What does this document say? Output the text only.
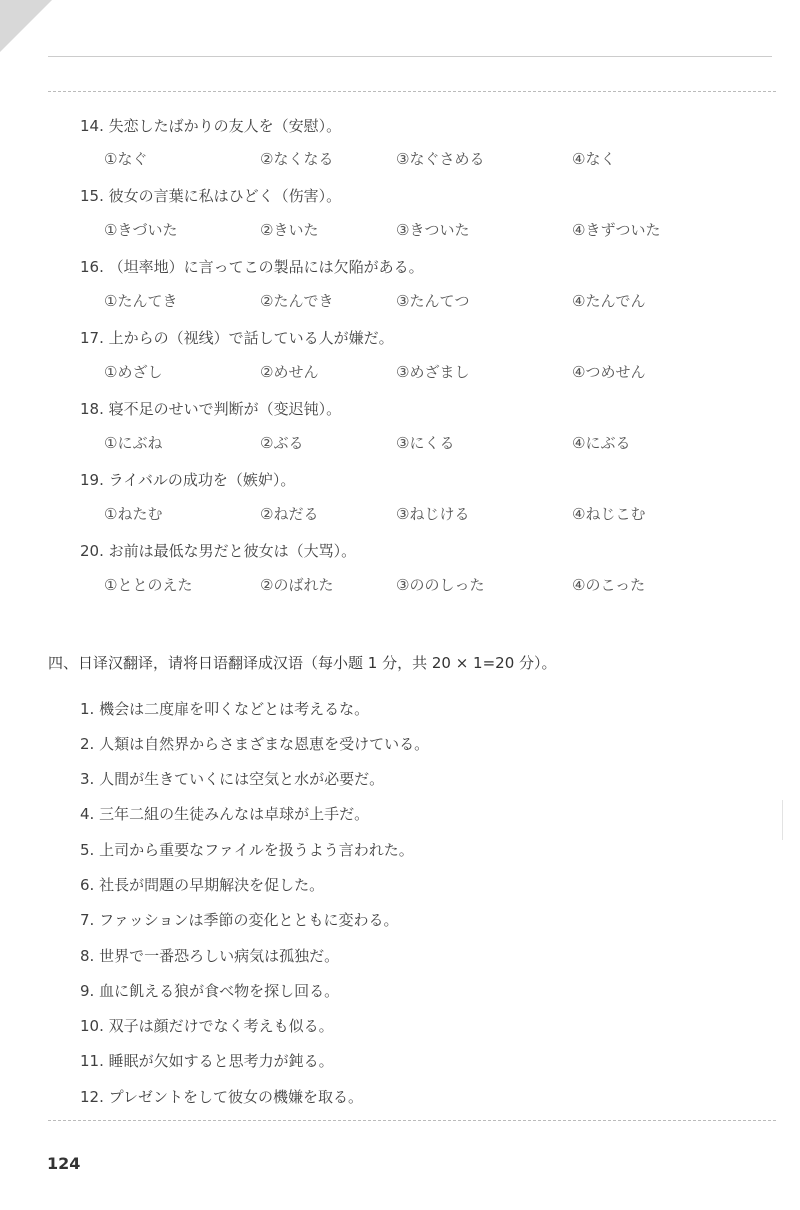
14. 失恋したばかりの友人を（安慰）。
①なぐ	②なくなる	③なぐさめる	④なく
15. 彼女の言葉に私はひどく（伤害）。
①きづいた	②きいた	③きついた	④きずついた
16. （坦率地）に言ってこの製品には欠陥がある。
①たんてき	②たんでき	③たんてつ	④たんでん
17. 上からの（视线）で話している人が嫌だ。
①めざし	②めせん	③めざまし	④つめせん
18. 寝不足のせいで判断が（变迟钝）。
①にぶね	②ぶる	③にくる	④にぶる
19. ライバルの成功を（嫉妒）。
①ねたむ	②ねだる	③ねじける	④ねじこむ
20. お前は最低な男だと彼女は（大骂）。
①ととのえた	②のばれた	③ののしった	④のこった
四、日译汉翻译，请将日语翻译成汉语（每小题 1 分，共 20 × 1=20 分）。
1. 機会は二度扉を叩くなどとは考えるな。
2. 人類は自然界からさまざまな恩恵を受けている。
3. 人間が生きていくには空気と水が必要だ。
4. 三年二組の生徒みんなは卓球が上手だ。
5. 上司から重要なファイルを扱うよう言われた。
6. 社長が問題の早期解決を促した。
7. ファッションは季節の変化とともに変わる。
8. 世界で一番恐ろしい病気は孤独だ。
9. 血に飢える狼が食べ物を探し回る。
10. 双子は顔だけでなく考えも似る。
11. 睡眠が欠如すると思考力が鈍る。
12. プレゼントをして彼女の機嫌を取る。
124
